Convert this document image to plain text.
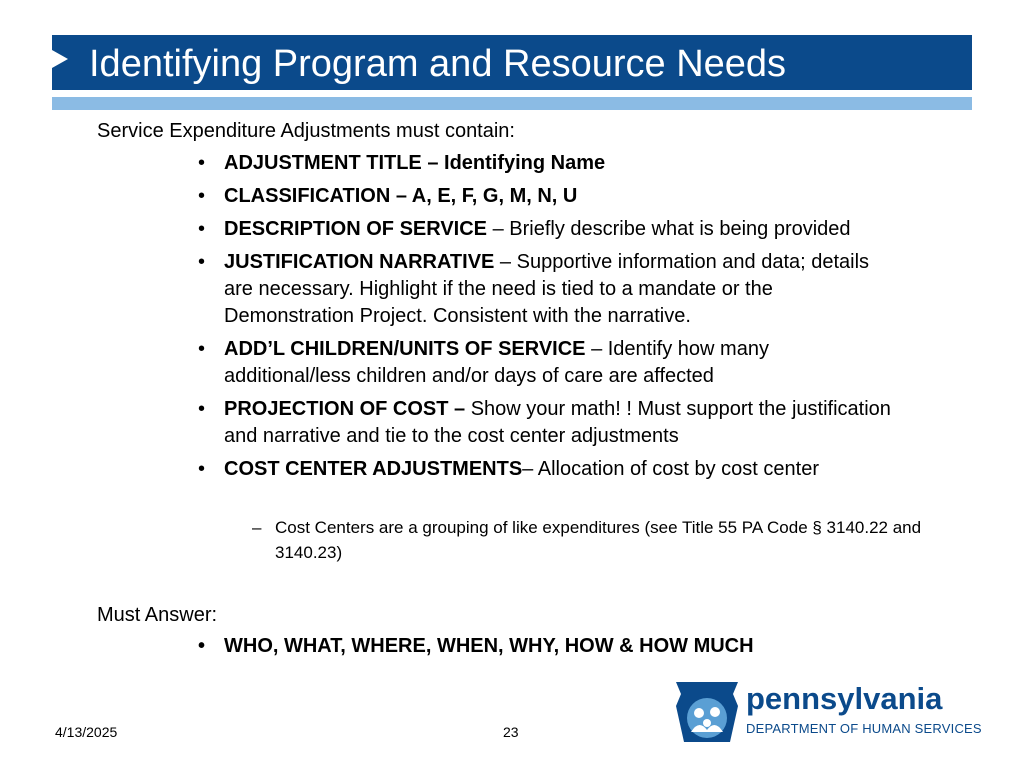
Identifying Program and Resource Needs
Service Expenditure Adjustments must contain:
• ADJUSTMENT TITLE – Identifying Name
• CLASSIFICATION – A, E, F, G, M, N, U
• DESCRIPTION OF SERVICE – Briefly describe what is being provided
• JUSTIFICATION NARRATIVE – Supportive information and data; details are necessary. Highlight if the need is tied to a mandate or the Demonstration Project. Consistent with the narrative.
• ADD’L CHILDREN/UNITS OF SERVICE – Identify how many additional/less children and/or days of care are affected
• PROJECTION OF COST – Show your math! ! Must support the justification and narrative and tie to the cost center adjustments
• COST CENTER ADJUSTMENTS– Allocation of cost by cost center
– Cost Centers are a grouping of like expenditures (see Title 55 PA Code § 3140.22 and 3140.23)
Must Answer:
• WHO, WHAT, WHERE, WHEN, WHY, HOW & HOW MUCH
4/13/2025	23
pennsylvania
DEPARTMENT OF HUMAN SERVICES
